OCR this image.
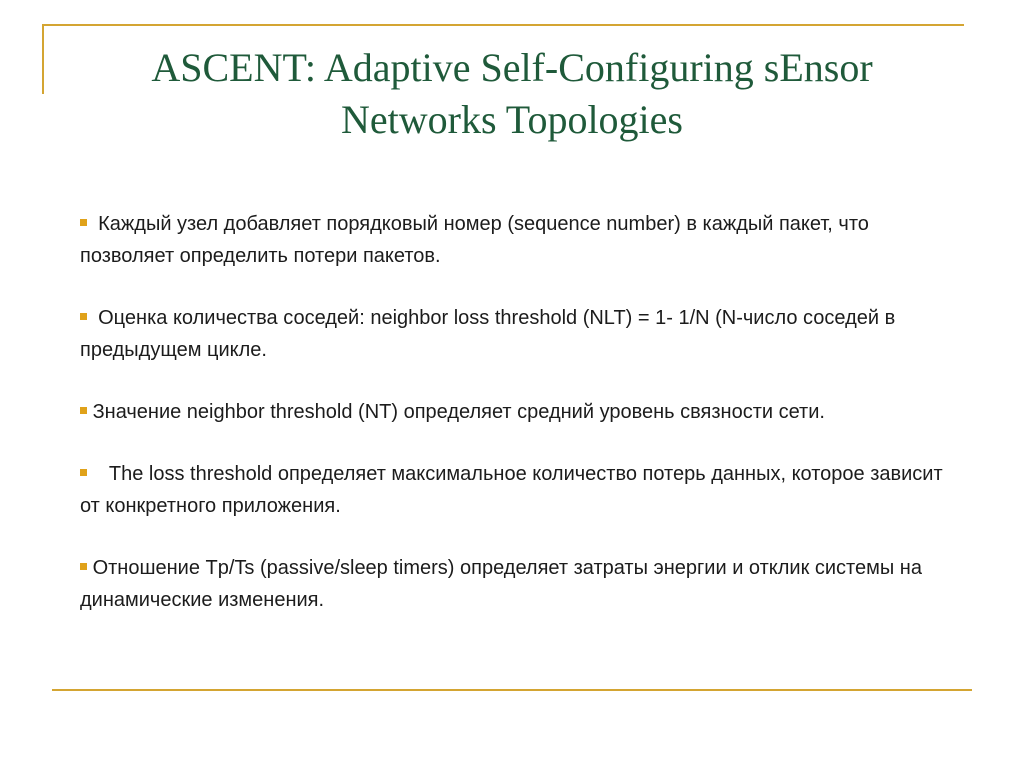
ASCENT: Adaptive Self-Configuring sEnsor
Networks Topologies

Каждый узел добавляет порядковый номер (sequence number) в каждый пакет, что позволяет определить потери пакетов.

Оценка количества соседей: neighbor loss threshold (NLT) = 1- 1/N (N-число соседей в предыдущем цикле.

Значение neighbor threshold (NT) определяет средний уровень связности сети.

The loss threshold определяет максимальное количество потерь данных, которое зависит от конкретного приложения.

Отношение Tp/Ts (passive/sleep timers) определяет затраты энергии и отклик системы на динамические изменения.
